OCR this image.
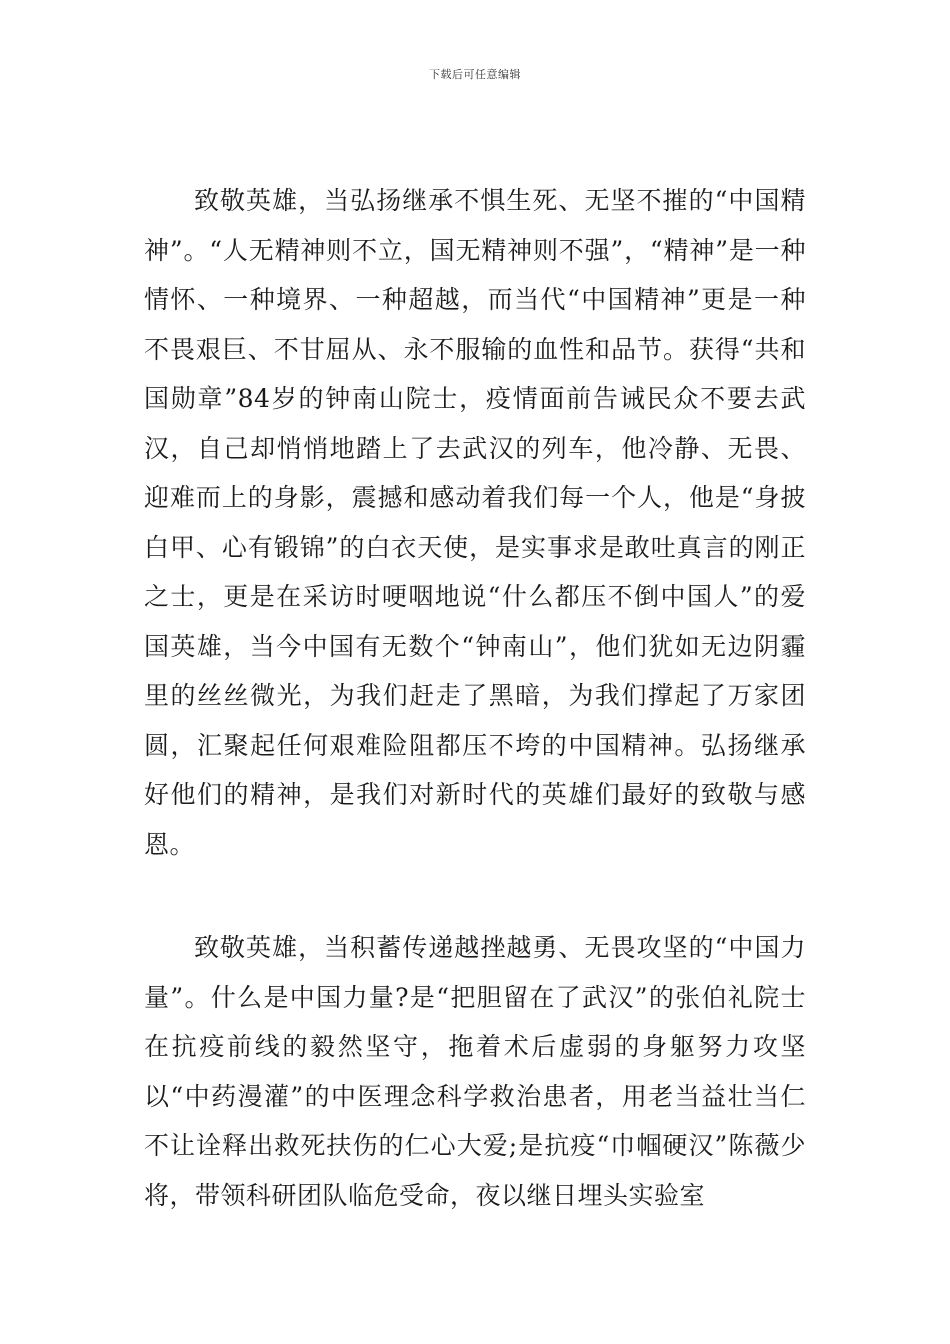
下载后可任意编辑

致敬英雄，当弘扬继承不惧生死、无坚不摧的“中国精神”。“人无精神则不立，国无精神则不强”，“精神”是一种情怀、一种境界、一种超越，而当代“中国精神”更是一种不畏艰巨、不甘屈从、永不服输的血性和品节。获得“共和国勋章”84岁的钟南山院士，疫情面前告诫民众不要去武汉，自己却悄悄地踏上了去武汉的列车，他冷静、无畏、迎难而上的身影，震撼和感动着我们每一个人，他是“身披白甲、心有锻锦”的白衣天使，是实事求是敢吐真言的刚正之士，更是在采访时哽咽地说“什么都压不倒中国人”的爱国英雄，当今中国有无数个“钟南山”，他们犹如无边阴霾里的丝丝微光，为我们赶走了黑暗，为我们撑起了万家团圆，汇聚起任何艰难险阻都压不垮的中国精神。弘扬继承好他们的精神，是我们对新时代的英雄们最好的致敬与感恩。

致敬英雄，当积蓄传递越挫越勇、无畏攻坚的“中国力量”。什么是中国力量?是“把胆留在了武汉”的张伯礼院士在抗疫前线的毅然坚守，拖着术后虚弱的身躯努力攻坚以“中药漫灌”的中医理念科学救治患者，用老当益壮当仁不让诠释出救死扶伤的仁心大爱;是抗疫“巾帼硬汉”陈薇少将，带领科研团队临危受命，夜以继日埋头实验室
